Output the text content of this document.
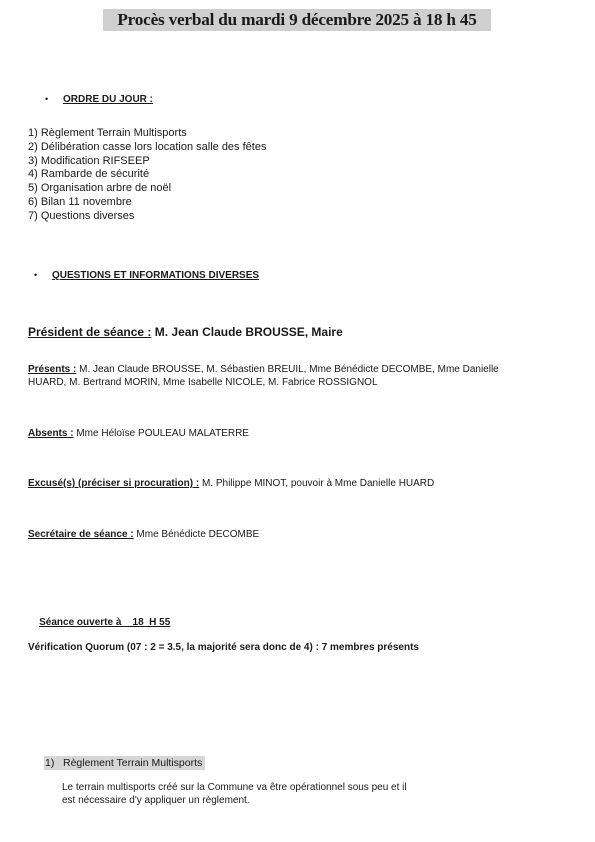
Procès verbal du mardi 9 décembre 2025 à 18 h 45
• ORDRE DU JOUR :
1) Règlement Terrain Multisports
2) Délibération casse lors location salle des fêtes
3) Modification RIFSEEP
4) Rambarde de sécurité
5) Organisation arbre de noël
6) Bilan 11 novembre
7) Questions diverses
• QUESTIONS ET INFORMATIONS DIVERSES
Président de séance : M. Jean Claude BROUSSE, Maire
Présents : M. Jean Claude BROUSSE, M. Sébastien BREUIL, Mme Bénédicte DECOMBE, Mme Danielle
HUARD, M. Bertrand MORIN, Mme Isabelle NICOLE, M. Fabrice ROSSIGNOL
Absents : Mme Héloïse POULEAU MALATERRE
Excusé(s) (préciser si procuration) : M. Philippe MINOT, pouvoir à Mme Danielle HUARD
Secrétaire de séance : Mme Bénédicte DECOMBE

Séance ouverte à    18  H 55

Vérification Quorum (07 : 2 = 3.5, la majorité sera donc de 4) : 7 membres présents
1) Règlement Terrain Multisports
Le terrain multisports créé sur la Commune va être opérationnel sous peu et il
est nécessaire d'y appliquer un règlement.
